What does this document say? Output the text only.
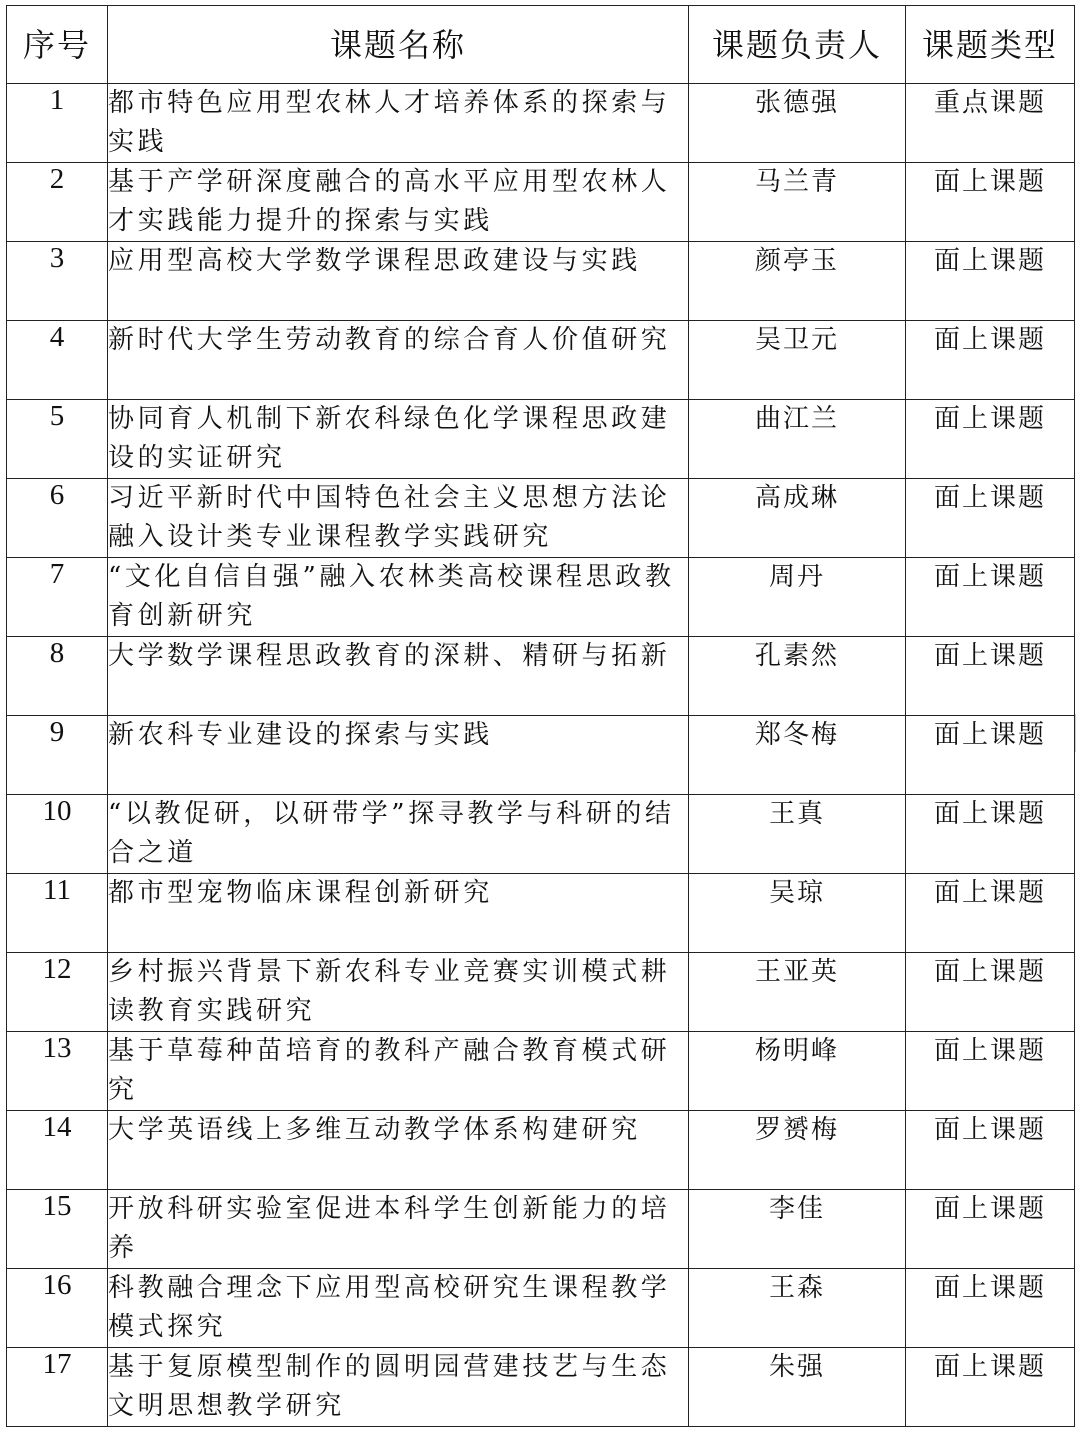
序号	课题名称	课题负责人	课题类型
1	都市特色应用型农林人才培养体系的探索与实践	张德强	重点课题
2	基于产学研深度融合的高水平应用型农林人才实践能力提升的探索与实践	马兰青	面上课题
3	应用型高校大学数学课程思政建设与实践	颜亭玉	面上课题
4	新时代大学生劳动教育的综合育人价值研究	吴卫元	面上课题
5	协同育人机制下新农科绿色化学课程思政建设的实证研究	曲江兰	面上课题
6	习近平新时代中国特色社会主义思想方法论融入设计类专业课程教学实践研究	高成琳	面上课题
7	“文化自信自强”融入农林类高校课程思政教育创新研究	周丹	面上课题
8	大学数学课程思政教育的深耕、精研与拓新	孔素然	面上课题
9	新农科专业建设的探索与实践	郑冬梅	面上课题
10	“以教促研，以研带学”探寻教学与科研的结合之道	王真	面上课题
11	都市型宠物临床课程创新研究	吴琼	面上课题
12	乡村振兴背景下新农科专业竞赛实训模式耕读教育实践研究	王亚英	面上课题
13	基于草莓种苗培育的教科产融合教育模式研究	杨明峰	面上课题
14	大学英语线上多维互动教学体系构建研究	罗赟梅	面上课题
15	开放科研实验室促进本科学生创新能力的培养	李佳	面上课题
16	科教融合理念下应用型高校研究生课程教学模式探究	王森	面上课题
17	基于复原模型制作的圆明园营建技艺与生态文明思想教学研究	朱强	面上课题
